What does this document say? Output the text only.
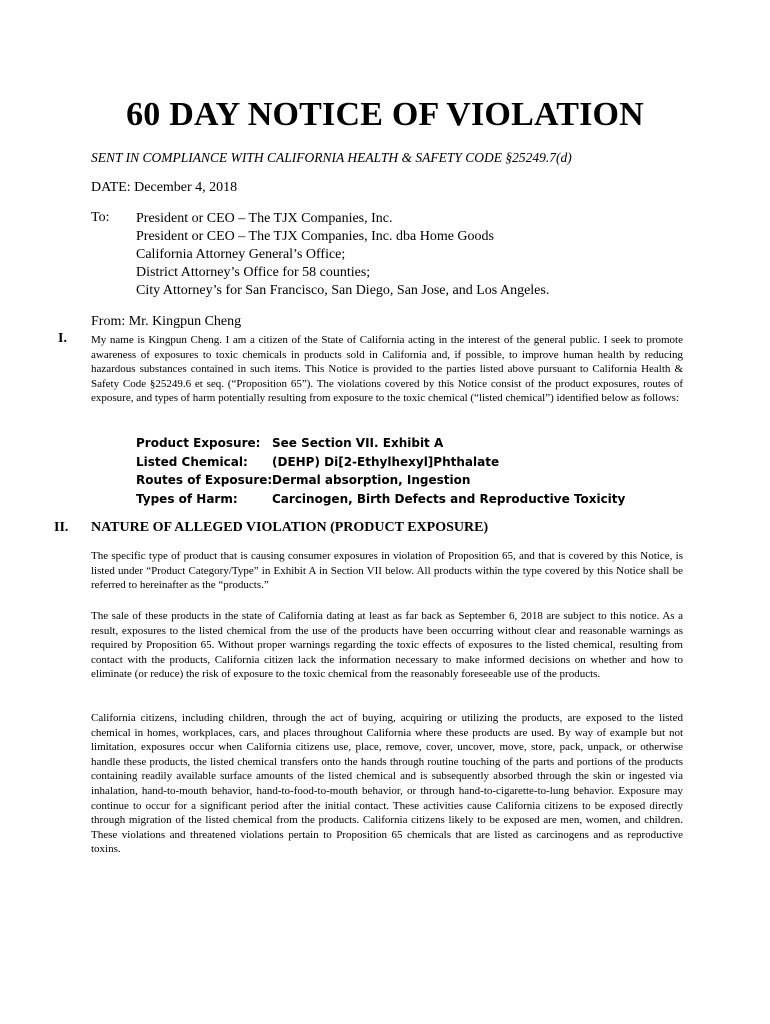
60 DAY NOTICE OF VIOLATION
SENT IN COMPLIANCE WITH CALIFORNIA HEALTH & SAFETY CODE §25249.7(d)
DATE: December 4, 2018
To: President or CEO – The TJX Companies, Inc.
President or CEO – The TJX Companies, Inc. dba Home Goods
California Attorney General’s Office;
District Attorney’s Office for 58 counties;
City Attorney’s for San Francisco, San Diego, San Jose, and Los Angeles.
From: Mr. Kingpun Cheng
I. My name is Kingpun Cheng. I am a citizen of the State of California acting in the interest of the general public. I seek to promote awareness of exposures to toxic chemicals in products sold in California and, if possible, to improve human health by reducing hazardous substances contained in such items. This Notice is provided to the parties listed above pursuant to California Health & Safety Code §25249.6 et seq. (“Proposition 65”). The violations covered by this Notice consist of the product exposures, routes of exposure, and types of harm potentially resulting from exposure to the toxic chemical (“listed chemical”) identified below as follows:

Product Exposure: See Section VII. Exhibit A
Listed Chemical:	(DEHP) Di[2-Ethylhexyl]Phthalate
Routes of Exposure: Dermal absorption, Ingestion
Types of Harm:	Carcinogen, Birth Defects and Reproductive Toxicity
II. NATURE OF ALLEGED VIOLATION (PRODUCT EXPOSURE)

The specific type of product that is causing consumer exposures in violation of Proposition 65, and that is covered by this Notice, is listed under “Product Category/Type” in Exhibit A in Section VII below. All products within the type covered by this Notice shall be referred to hereinafter as the “products.”

The sale of these products in the state of California dating at least as far back as September 6, 2018 are subject to this notice. As a result, exposures to the listed chemical from the use of the products have been occurring without clear and reasonable warnings as required by Proposition 65. Without proper warnings regarding the toxic effects of exposures to the listed chemical, resulting from contact with the products, California citizen lack the information necessary to make informed decisions on whether and how to eliminate (or reduce) the risk of exposure to the toxic chemical from the reasonably foreseeable use of the products.

California citizens, including children, through the act of buying, acquiring or utilizing the products, are exposed to the listed chemical in homes, workplaces, cars, and places throughout California where these products are used. By way of example but not limitation, exposures occur when California citizens use, place, remove, cover, uncover, move, store, pack, unpack, or otherwise handle these products, the listed chemical transfers onto the hands through routine touching of the parts and portions of the products containing readily available surface amounts of the listed chemical and is subsequently absorbed through the skin or ingested via inhalation, hand-to-mouth behavior, hand-to-food-to-mouth behavior, or through hand-to-cigarette-to-lung behavior. Exposure may continue to occur for a significant period after the initial contact. These activities cause California citizens to be exposed directly through migration of the listed chemical from the products. California citizens likely to be exposed are men, women, and children. These violations and threatened violations pertain to Proposition 65 chemicals that are listed as carcinogens and as reproductive toxins.
